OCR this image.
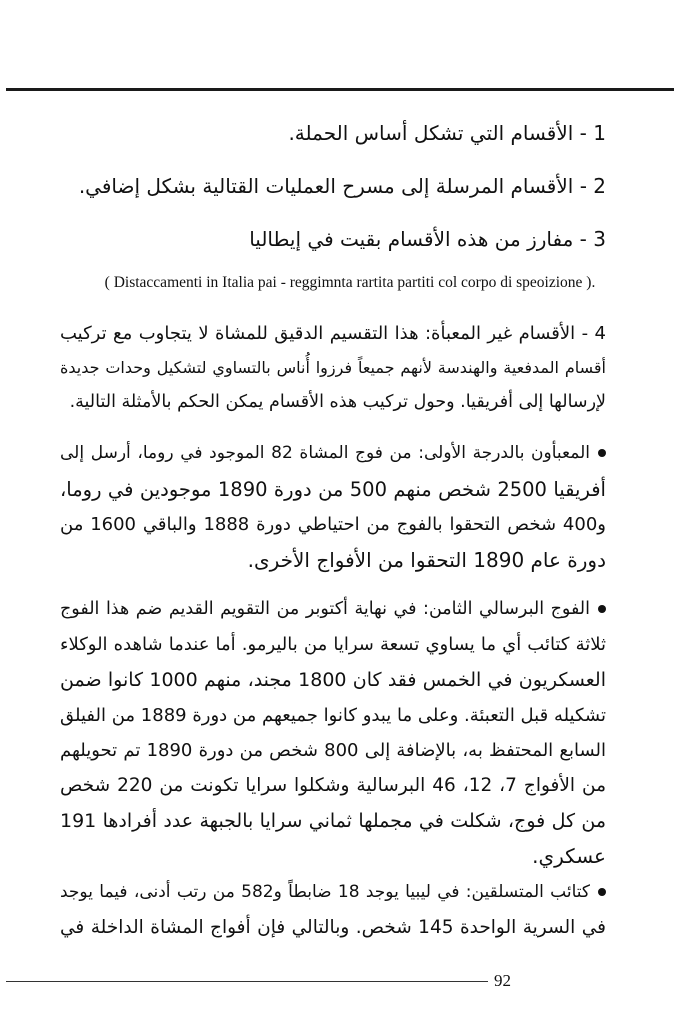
1 - الأقسام التي تشكل أساس الحملة.
2 - الأقسام المرسلة إلى مسرح العمليات القتالية بشكل إضافي.
3 - مفارز من هذه الأقسام بقيت في إيطاليا
( Distaccamenti in Italia pai - reggimnta rartita partiti col corpo di speoizione ).
4 - الأقسام غير المعبأة: هذا التقسيم الدقيق للمشاة لا يتجاوب مع تركيب
أقسام المدفعية والهندسة لأنهم جميعاً فرزوا أُناس بالتساوي لتشكيل وحدات جديدة
لإرسالها إلى أفريقيا. وحول تركيب هذه الأقسام يمكن الحكم بالأمثلة التالية.
المعبأون بالدرجة الأولى: من فوج المشاة 82 الموجود في روما، أرسل إلى
أفريقيا 2500 شخص منهم 500 من دورة 1890 موجودين في روما،
و400 شخص التحقوا بالفوج من احتياطي دورة 1888 والباقي 1600 من
دورة عام 1890 التحقوا من الأفواج الأخرى.
الفوج البرسالي الثامن: في نهاية أكتوبر من التقويم القديم ضم هذا الفوج
ثلاثة كتائب أي ما يساوي تسعة سرايا من باليرمو. أما عندما شاهده الوكلاء
العسكريون في الخمس فقد كان 1800 مجند، منهم 1000 كانوا ضمن
تشكيله قبل التعبئة. وعلى ما يبدو كانوا جميعهم من دورة 1889 من الفيلق
السابع المحتفظ به، بالإضافة إلى 800 شخص من دورة 1890 تم تحويلهم
من الأفواج 7، 12، 46 البرسالية وشكلوا سرايا تكونت من 220 شخص
من كل فوج، شكلت في مجملها ثماني سرايا بالجبهة عدد أفرادها 191
عسكري.
كتائب المتسلقين: في ليبيا يوجد 18 ضابطاً و582 من رتب أدنى، فيما يوجد
في السرية الواحدة 145 شخص. وبالتالي فإن أفواج المشاة الداخلة في
92
